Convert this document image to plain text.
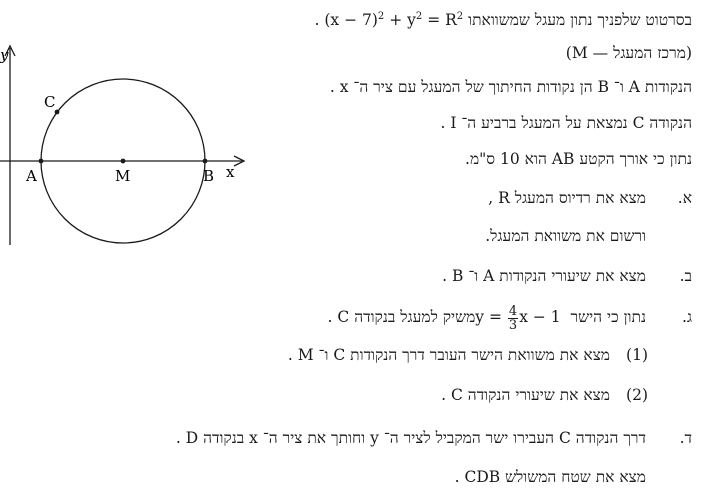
y
x
A	M	B
C
בסרטוט שלפניך נתון מעגל שמשוואתו $(x - 7)^2 + y^2 = R^2$ .
(M — מרכז המעגל)
הנקודות A ו־ B הן נקודות החיתוך של המעגל עם ציר ה־ x .
הנקודה C נמצאת על המעגל ברביע ה־ I .
נתון כי אורך הקטע AB הוא 10 ס"מ.
א.
מצא את רדיוס המעגל R ,
ורשום את משוואת המעגל.
ב.
מצא את שיעורי הנקודות A ו־ B .
ג.
נתון כי הישר $y = \frac{4}{3}$ x − 1 משיק למעגל בנקודה C .
(1)
מצא את משוואת הישר העובר דרך הנקודות C ו־ M .
(2)
מצא את שיעורי הנקודה C .
ד.
דרך הנקודה C העבירו ישר המקביל לציר ה־ y וחותך את ציר ה־ x בנקודה D .
מצא את שטח המשולש CDB .
